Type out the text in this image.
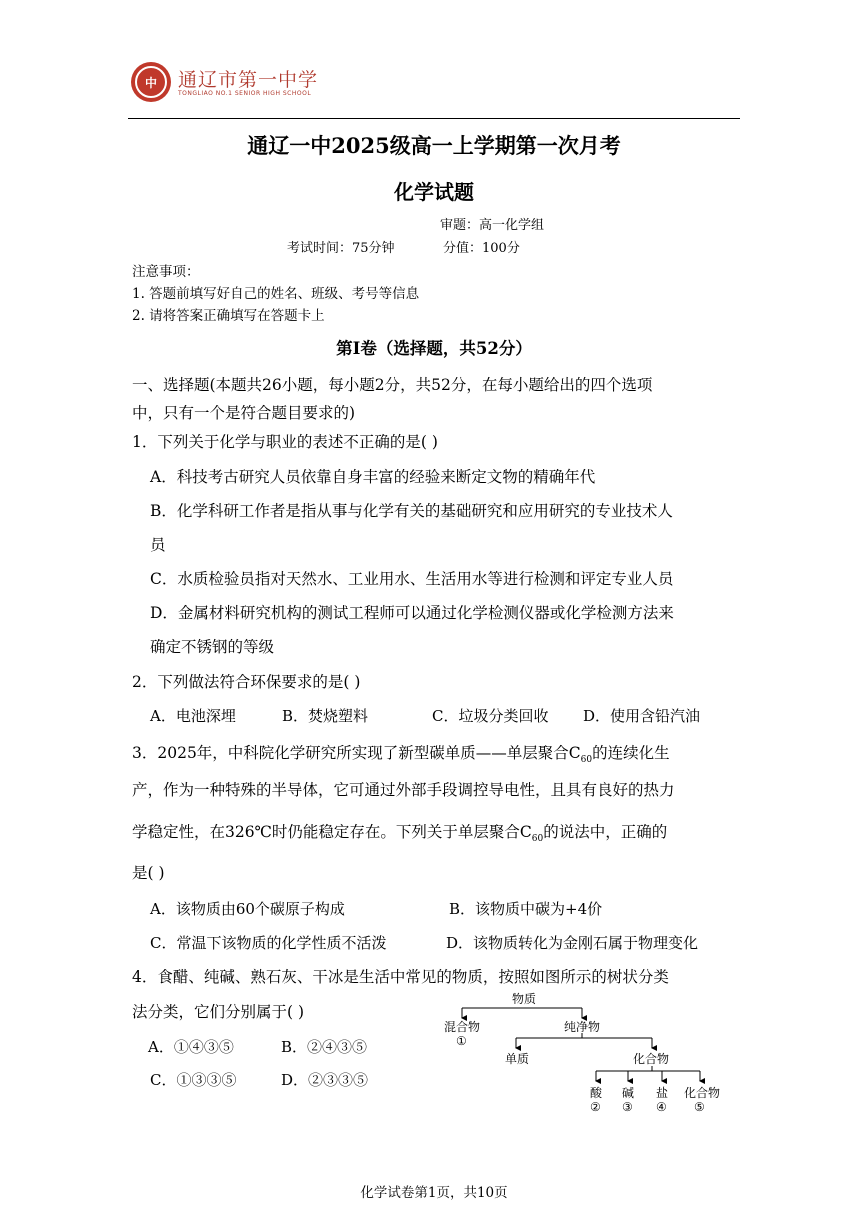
中	通辽市第一中学
TONGLIAO NO.1 SENIOR HIGH SCHOOL
通辽一中2025级高一上学期第一次月考
化学试题
审题：高一化学组
考试时间：75分钟	分值：100分
注意事项：
1. 答题前填写好自己的姓名、班级、考号等信息
2. 请将答案正确填写在答题卡上
第Ⅰ卷（选择题，共52分）
一、选择题(本题共26小题，每小题2分，共52分，在每小题给出的四个选项
中，只有一个是符合题目要求的)
1．下列关于化学与职业的表述不正确的是( )
A．科技考古研究人员依靠自身丰富的经验来断定文物的精确年代
B．化学科研工作者是指从事与化学有关的基础研究和应用研究的专业技术人
员
C．水质检验员指对天然水、工业用水、生活用水等进行检测和评定专业人员
D．金属材料研究机构的测试工程师可以通过化学检测仪器或化学检测方法来
确定不锈钢的等级
2．下列做法符合环保要求的是( )
A．电池深埋	B．焚烧塑料	C．垃圾分类回收 D．使用含铅汽油
3．2025年，中科院化学研究所实现了新型碳单质——单层聚合$C_{60}$的连续化生
产，作为一种特殊的半导体，它可通过外部手段调控导电性，且具有良好的热力
学稳定性，在326℃时仍能稳定存在。下列关于单层聚合$C_{60}$的说法中，正确的
是( )
A．该物质由60个碳原子构成	B．该物质中碳为+4价
C．常温下该物质的化学性质不活泼	D．该物质转化为金刚石属于物理变化
4．食醋、纯碱、熟石灰、干冰是生活中常见的物质，按照如图所示的树状分类
法分类，它们分别属于( )
A．①④③⑤	B．②④③⑤
C．①③③⑤	D．②③③⑤
物质
混合物
①
纯净物
单质	化合物
酸
②
碱
③
盐
④
化合物
⑤
化学试卷第1页，共10页
